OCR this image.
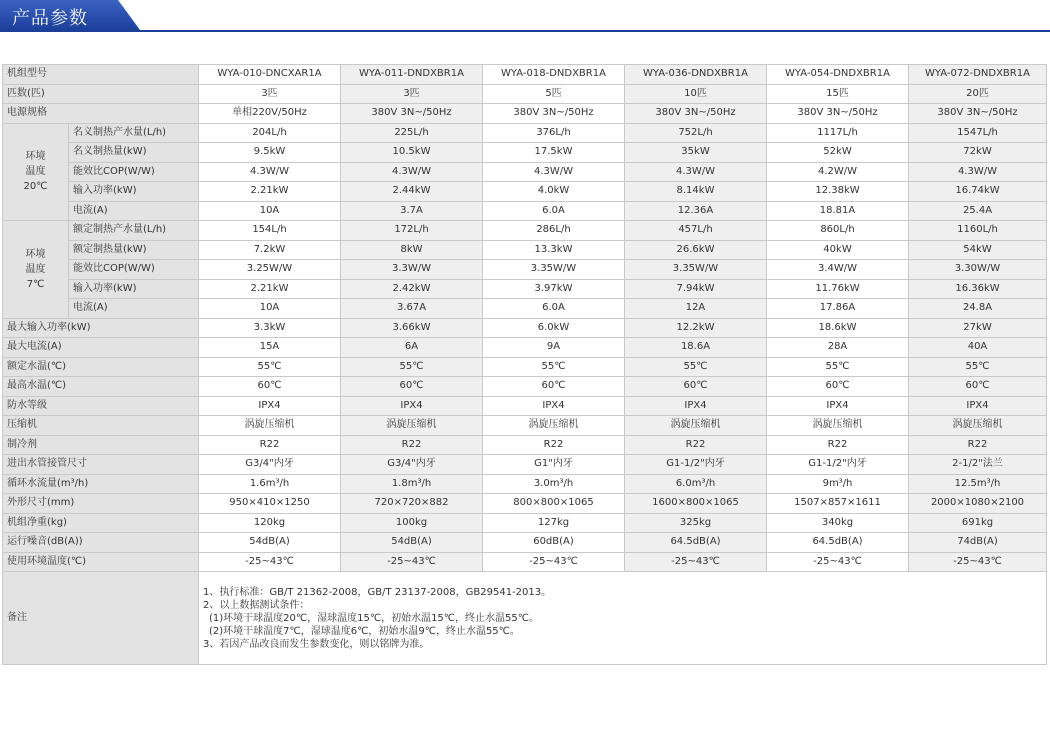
产品参数
机组型号		WYA-010-DNCXAR1A	WYA-011-DNDXBR1A	WYA-018-DNDXBR1A	WYA-036-DNDXBR1A	WYA-054-DNDXBR1A	WYA-072-DNDXBR1A
匹数(匹)		3匹	3匹	5匹	10匹	15匹	20匹
电源规格		单相220V/50Hz	380V 3N~/50Hz	380V 3N~/50Hz	380V 3N~/50Hz	380V 3N~/50Hz	380V 3N~/50Hz

环境
温度
20℃	名义制热产水量(L/h)	204L/h	225L/h	376L/h	752L/h	1117L/h	1547L/h
	名义制热量(kW)	9.5kW	10.5kW	17.5kW	35kW	52kW	72kW
	能效比COP(W/W)	4.3W/W	4.3W/W	4.3W/W	4.3W/W	4.2W/W	4.3W/W
	输入功率(kW)	2.21kW	2.44kW	4.0kW	8.14kW	12.38kW	16.74kW
	电流(A)	10A	3.7A	6.0A	12.36A	18.81A	25.4A

环境
温度
7℃	额定制热产水量(L/h)	154L/h	172L/h	286L/h	457L/h	860L/h	1160L/h
	额定制热量(kW)	7.2kW	8kW	13.3kW	26.6kW	40kW	54kW
	能效比COP(W/W)	3.25W/W	3.3W/W	3.35W/W	3.35W/W	3.4W/W	3.30W/W
	输入功率(kW)	2.21kW	2.42kW	3.97kW	7.94kW	11.76kW	16.36kW
	电流(A)	10A	3.67A	6.0A	12A	17.86A	24.8A
最大输入功率(kW)		3.3kW	3.66kW	6.0kW	12.2kW	18.6kW	27kW
最大电流(A)		15A	6A	9A	18.6A	28A	40A
额定水温(℃)		55℃	55℃	55℃	55℃	55℃	55℃
最高水温(℃)		60℃	60℃	60℃	60℃	60℃	60℃
防水等级		IPX4	IPX4	IPX4	IPX4	IPX4	IPX4
压缩机		涡旋压缩机	涡旋压缩机	涡旋压缩机	涡旋压缩机	涡旋压缩机	涡旋压缩机
制冷剂		R22	R22	R22	R22	R22	R22
进出水管接管尺寸		G3/4"内牙	G3/4"内牙	G1"内牙	G1-1/2"内牙	G1-1/2"内牙	2-1/2"法兰
循环水流量(m³/h)		1.6m³/h	1.8m³/h	3.0m³/h	6.0m³/h	9m³/h	12.5m³/h
外形尺寸(mm)		950×410×1250	720×720×882	800×800×1065	1600×800×1065	1507×857×1611	2000×1080×2100
机组净重(kg)		120kg	100kg	127kg	325kg	340kg	691kg
运行噪音(dB(A))		54dB(A)	54dB(A)	60dB(A)	64.5dB(A)	64.5dB(A)	74dB(A)
使用环境温度(℃)		-25~43℃	-25~43℃	-25~43℃	-25~43℃	-25~43℃	-25~43℃
备注		1、执行标准：GB/T 21362-2008，GB/T 23137-2008，GB29541-2013。
2、以上数据测试条件：
(1)环境干球温度20℃，湿球温度15℃，初始水温15℃，终止水温55℃。
(2)环境干球温度7℃，湿球温度6℃，初始水温9℃，终止水温55℃。
3、若因产品改良而发生参数变化，则以铭牌为准。					
